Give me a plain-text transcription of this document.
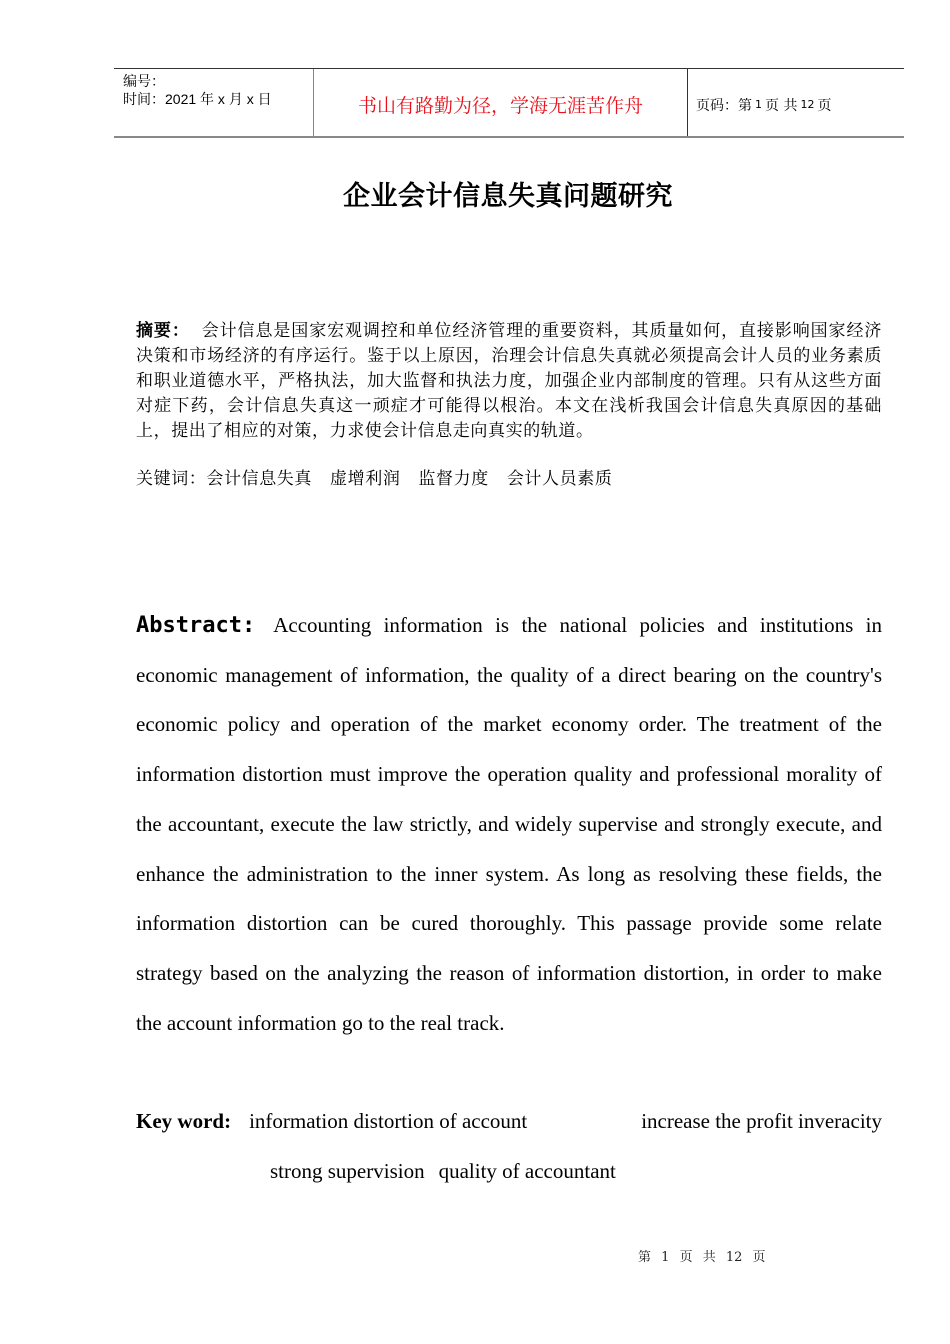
编号：
时间：2021 年 x 月 x 日	书山有路勤为径，学海无涯苦作舟	页码：第 1 页 共 12 页
企业会计信息失真问题研究
摘要： 会计信息是国家宏观调控和单位经济管理的重要资料，其质量如何，直接影响国家经济决策和市场经济的有序运行。鉴于以上原因，治理会计信息失真就必须提高会计人员的业务素质和职业道德水平，严格执法，加大监督和执法力度，加强企业内部制度的管理。只有从这些方面对症下药，会计信息失真这一顽症才可能得以根治。本文在浅析我国会计信息失真原因的基础上，提出了相应的对策，力求使会计信息走向真实的轨道。
关键词：会计信息失真 虚增利润 监督力度 会计人员素质
Abstract: Accounting information is the national policies and institutions in economic management of information, the quality of a direct bearing on the country's economic policy and operation of the market economy order. The treatment of the information distortion must improve the operation quality and professional morality of the accountant, execute the law strictly, and widely supervise and strongly execute, and enhance the administration to the inner system. As long as resolving these fields, the information distortion can be cured thoroughly. This passage provide some relate strategy based on the analyzing the reason of information distortion, in order to make the account information go to the real track.
Key word: information distortion of account	increase the profit inveracity
strong supervision quality of accountant
第 1 页 共 12 页
